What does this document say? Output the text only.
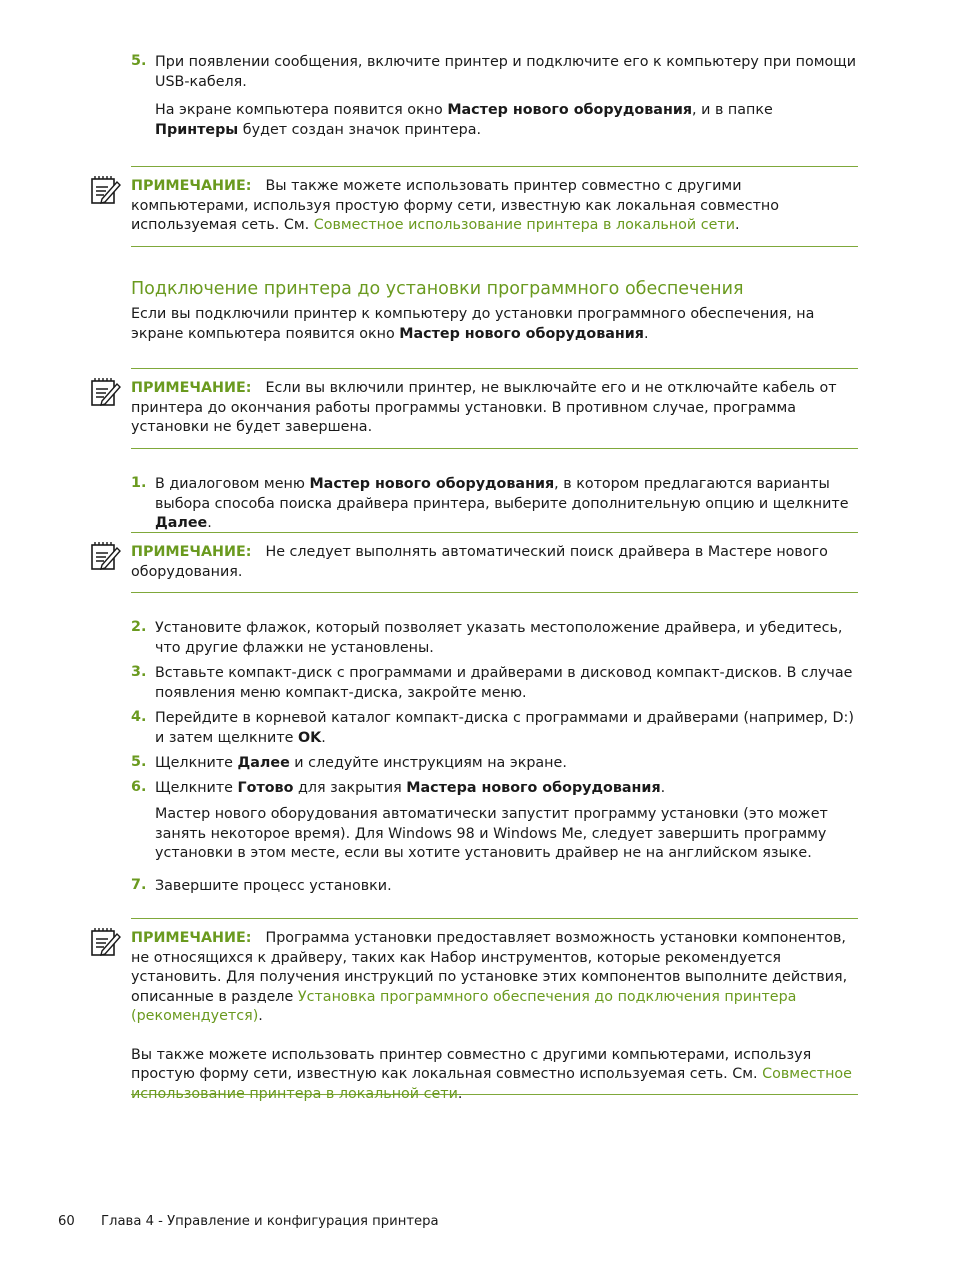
5. При появлении сообщения, включите принтер и подключите его к компьютеру при помощи USB-кабеля.

На экране компьютера появится окно Мастер нового оборудования, и в папке Принтеры будет создан значок принтера.

ПРИМЕЧАНИЕ: Вы также можете использовать принтер совместно с другими компьютерами, используя простую форму сети, известную как локальная совместно используемая сеть. См. Совместное использование принтера в локальной сети.

Подключение принтера до установки программного обеспечения

Если вы подключили принтер к компьютеру до установки программного обеспечения, на экране компьютера появится окно Мастер нового оборудования.

ПРИМЕЧАНИЕ: Если вы включили принтер, не выключайте его и не отключайте кабель от принтера до окончания работы программы установки. В противном случае, программа установки не будет завершена.

1. В диалоговом меню Мастер нового оборудования, в котором предлагаются варианты выбора способа поиска драйвера принтера, выберите дополнительную опцию и щелкните Далее.

ПРИМЕЧАНИЕ: Не следует выполнять автоматический поиск драйвера в Мастере нового оборудования.

2. Установите флажок, который позволяет указать местоположение драйвера, и убедитесь, что другие флажки не установлены.

3. Вставьте компакт-диск с программами и драйверами в дисковод компакт-дисков. В случае появления меню компакт-диска, закройте меню.

4. Перейдите в корневой каталог компакт-диска с программами и драйверами (например, D:) и затем щелкните OK.

5. Щелкните Далее и следуйте инструкциям на экране.

6. Щелкните Готово для закрытия Мастера нового оборудования.

Мастер нового оборудования автоматически запустит программу установки (это может занять некоторое время). Для Windows 98 и Windows Me, следует завершить программу установки в этом месте, если вы хотите установить драйвер не на английском языке.

7. Завершите процесс установки.

ПРИМЕЧАНИЕ: Программа установки предоставляет возможность установки компонентов, не относящихся к драйверу, таких как Набор инструментов, которые рекомендуется установить. Для получения инструкций по установке этих компонентов выполните действия, описанные в разделе Установка программного обеспечения до подключения принтера (рекомендуется).

Вы также можете использовать принтер совместно с другими компьютерами, используя простую форму сети, известную как локальная совместно используемая сеть. См. Совместное использование принтера в локальной сети.

60 Глава 4 - Управление и конфигурация принтера
